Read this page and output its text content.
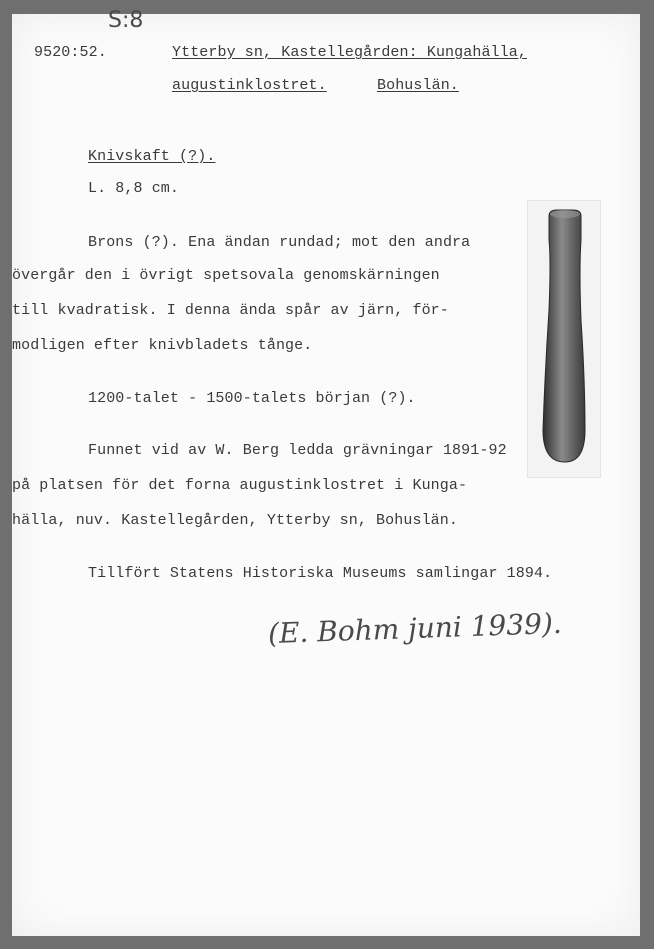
S:8
9520:52.	Ytterby sn, Kastellegården: Kungahälla,
augustinklostret.	Bohuslän.
Knivskaft (?).
L. 8,8 cm.
Brons (?). Ena ändan rundad; mot den andra
övergår den i övrigt spetsovala genomskärningen
till kvadratisk. I denna ända spår av järn, för-
modligen efter knivbladets tånge.
1200-talet - 1500-talets början (?).
Funnet vid av W. Berg ledda grävningar 1891-92
på platsen för det forna augustinklostret i Kunga-
hälla, nuv. Kastellegården, Ytterby sn, Bohuslän.
Tillfört Statens Historiska Museums samlingar 1894.
(E. Bohm juni 1939).
